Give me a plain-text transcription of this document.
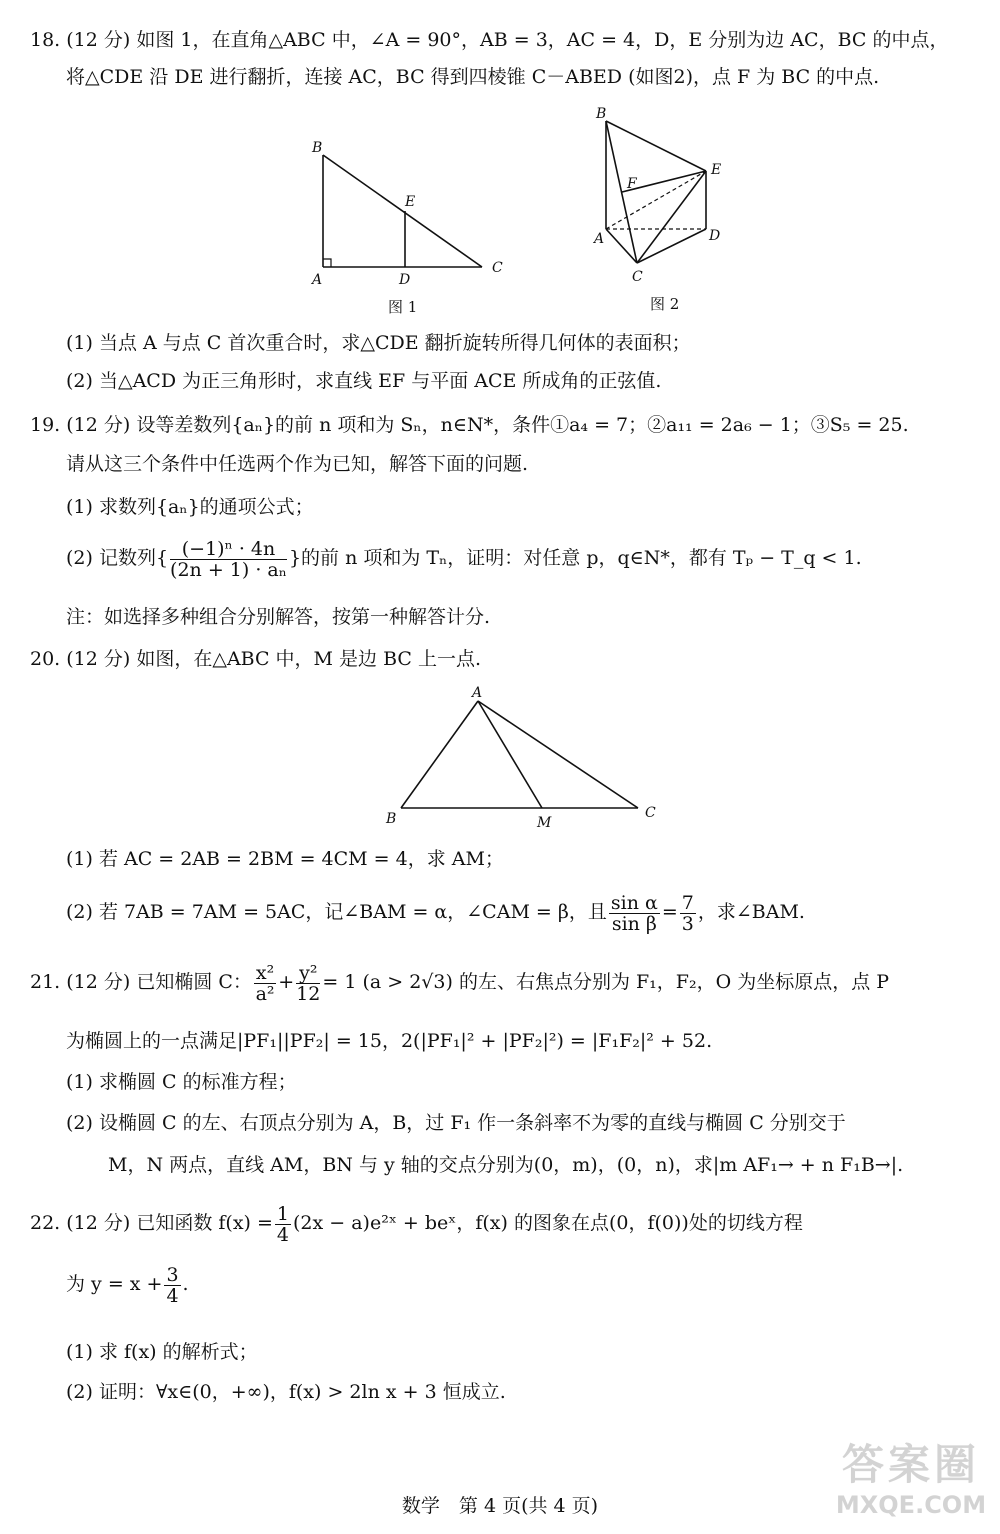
18. (12 分) 如图 1，在直角△ABC 中，∠A = 90°，AB = 3，AC = 4，D，E 分别为边 AC，BC 的中点，
将△CDE 沿 DE 进行翻折，连接 AC，BC 得到四棱锥 C－ABED (如图2)，点 F 为 BC 的中点.
B
E
A	D
C
图 1
B
E
F
A	D
C
图 2
A
B	M
C
(1) 当点 A 与点 C 首次重合时，求△CDE 翻折旋转所得几何体的表面积；
(2) 当△ACD 为正三角形时，求直线 EF 与平面 ACE 所成角的正弦值.
19. (12 分) 设等差数列{aₙ}的前 n 项和为 Sₙ，n∈N*，条件①a₄ = 7；②a₁₁ = 2a₆ − 1；③S₅ = 25.
请从这三个条件中任选两个作为已知，解答下面的问题.
(1) 求数列{aₙ}的通项公式；
(2) 记数列{ $\frac{\text{(−1)ⁿ · 4n}}{\text{(2n + 1) · aₙ}}$ }的前 n 项和为 Tₙ，证明：对任意 p，q∈N*，都有 Tₚ − T_q < 1.
注：如选择多种组合分别解答，按第一种解答计分.
20. (12 分) 如图，在△ABC 中，M 是边 BC 上一点.
(1) 若 AC = 2AB = 2BM = 4CM = 4，求 AM；
(2) 若 7AB = 7AM = 5AC，记∠BAM = α，∠CAM = β，且 $\frac{\text{sin α}}{\text{sin β}} = \frac{7}{3}$ ，求∠BAM.
21. (12 分) 已知椭圆 C： $\frac{\text{x²}}{\text{a²}} + \frac{\text{y²}}{12} = 1$ (a > 2√3) 的左、右焦点分别为 F₁，F₂，O 为坐标原点，点 P
为椭圆上的一点满足|PF₁||PF₂| = 15，2(|PF₁|² + |PF₂|²) = |F₁F₂|² + 52.
(1) 求椭圆 C 的标准方程；
(2) 设椭圆 C 的左、右顶点分别为 A，B，过 F₁ 作一条斜率不为零的直线与椭圆 C 分别交于
M，N 两点，直线 AM，BN 与 y 轴的交点分别为(0，m)，(0，n)，求|m AF₁→ + n F₁B→|.
22. (12 分) 已知函数 $f(x) = \frac{1}{4} (2x$ − a)e²ˣ + beˣ，f(x) 的图象在点(0，f(0))处的切线方程
为 $y = x + \frac{3}{4}$ .
(1) 求 f(x) 的解析式；
(2) 证明：∀x∈(0，+∞)，f(x) > 2ln x + 3 恒成立.
答案圈
MXQE.COM
数学　第 4 页(共 4 页)
